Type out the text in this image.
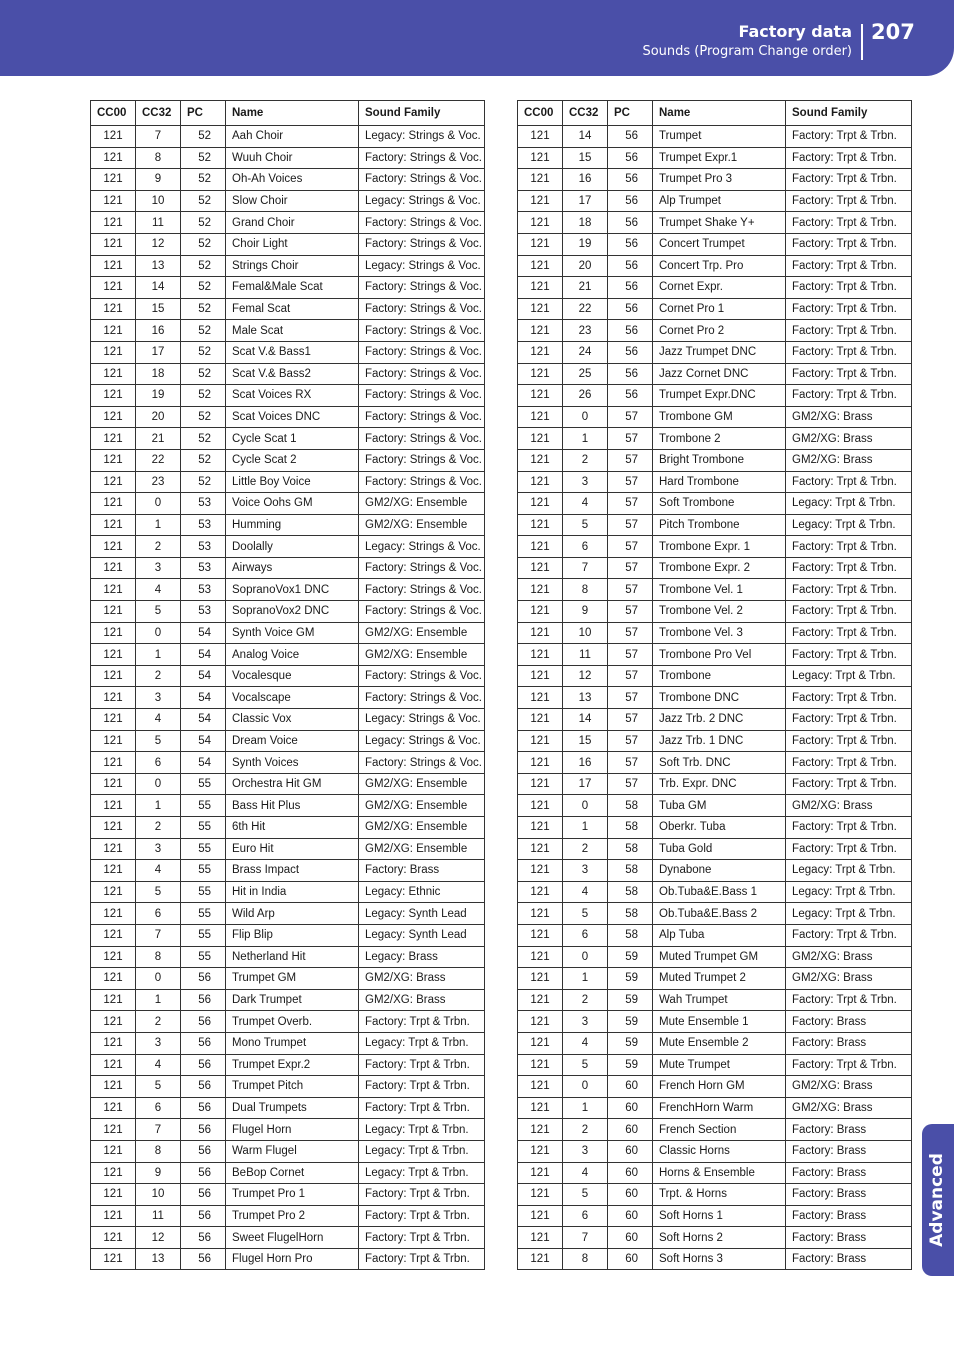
Factory data
Sounds (Program Change order)
207
CC00	CC32	PC	Name	Sound Family
121	7	52	Aah Choir	Legacy: Strings & Voc.
121	8	52	Wuuh Choir	Factory: Strings & Voc.
121	9	52	Oh-Ah Voices	Factory: Strings & Voc.
121	10	52	Slow Choir	Legacy: Strings & Voc.
121	11	52	Grand Choir	Factory: Strings & Voc.
121	12	52	Choir Light	Factory: Strings & Voc.
121	13	52	Strings Choir	Legacy: Strings & Voc.
121	14	52	Femal&Male Scat	Factory: Strings & Voc.
121	15	52	Femal Scat	Factory: Strings & Voc.
121	16	52	Male Scat	Factory: Strings & Voc.
121	17	52	Scat V.& Bass1	Factory: Strings & Voc.
121	18	52	Scat V.& Bass2	Factory: Strings & Voc.
121	19	52	Scat Voices RX	Factory: Strings & Voc.
121	20	52	Scat Voices DNC	Factory: Strings & Voc.
121	21	52	Cycle Scat 1	Factory: Strings & Voc.
121	22	52	Cycle Scat 2	Factory: Strings & Voc.
121	23	52	Little Boy Voice	Factory: Strings & Voc.
121	0	53	Voice Oohs GM	GM2/XG: Ensemble
121	1	53	Humming	GM2/XG: Ensemble
121	2	53	Doolally	Legacy: Strings & Voc.
121	3	53	Airways	Factory: Strings & Voc.
121	4	53	SopranoVox1 DNC	Factory: Strings & Voc.
121	5	53	SopranoVox2 DNC	Factory: Strings & Voc.
121	0	54	Synth Voice GM	GM2/XG: Ensemble
121	1	54	Analog Voice	GM2/XG: Ensemble
121	2	54	Vocalesque	Factory: Strings & Voc.
121	3	54	Vocalscape	Factory: Strings & Voc.
121	4	54	Classic Vox	Legacy: Strings & Voc.
121	5	54	Dream Voice	Legacy: Strings & Voc.
121	6	54	Synth Voices	Factory: Strings & Voc.
121	0	55	Orchestra Hit GM	GM2/XG: Ensemble
121	1	55	Bass Hit Plus	GM2/XG: Ensemble
121	2	55	6th Hit	GM2/XG: Ensemble
121	3	55	Euro Hit	GM2/XG: Ensemble
121	4	55	Brass Impact	Factory: Brass
121	5	55	Hit in India	Legacy: Ethnic
121	6	55	Wild Arp	Legacy: Synth Lead
121	7	55	Flip Blip	Legacy: Synth Lead
121	8	55	Netherland Hit	Legacy: Brass
121	0	56	Trumpet GM	GM2/XG: Brass
121	1	56	Dark Trumpet	GM2/XG: Brass
121	2	56	Trumpet Overb.	Factory: Trpt & Trbn.
121	3	56	Mono Trumpet	Legacy: Trpt & Trbn.
121	4	56	Trumpet Expr.2	Factory: Trpt & Trbn.
121	5	56	Trumpet Pitch	Factory: Trpt & Trbn.
121	6	56	Dual Trumpets	Factory: Trpt & Trbn.
121	7	56	Flugel Horn	Legacy: Trpt & Trbn.
121	8	56	Warm Flugel	Legacy: Trpt & Trbn.
121	9	56	BeBop Cornet	Legacy: Trpt & Trbn.
121	10	56	Trumpet Pro 1	Factory: Trpt & Trbn.
121	11	56	Trumpet Pro 2	Factory: Trpt & Trbn.
121	12	56	Sweet FlugelHorn	Factory: Trpt & Trbn.
121	13	56	Flugel Horn Pro	Factory: Trpt & Trbn.
CC00	CC32	PC	Name	Sound Family
121	14	56	Trumpet	Factory: Trpt & Trbn.
121	15	56	Trumpet Expr.1	Factory: Trpt & Trbn.
121	16	56	Trumpet Pro 3	Factory: Trpt & Trbn.
121	17	56	Alp Trumpet	Factory: Trpt & Trbn.
121	18	56	Trumpet Shake Y+	Factory: Trpt & Trbn.
121	19	56	Concert Trumpet	Factory: Trpt & Trbn.
121	20	56	Concert Trp. Pro	Factory: Trpt & Trbn.
121	21	56	Cornet Expr.	Factory: Trpt & Trbn.
121	22	56	Cornet Pro 1	Factory: Trpt & Trbn.
121	23	56	Cornet Pro 2	Factory: Trpt & Trbn.
121	24	56	Jazz Trumpet DNC	Factory: Trpt & Trbn.
121	25	56	Jazz Cornet DNC	Factory: Trpt & Trbn.
121	26	56	Trumpet Expr.DNC	Factory: Trpt & Trbn.
121	0	57	Trombone GM	GM2/XG: Brass
121	1	57	Trombone 2	GM2/XG: Brass
121	2	57	Bright Trombone	GM2/XG: Brass
121	3	57	Hard Trombone	Factory: Trpt & Trbn.
121	4	57	Soft Trombone	Legacy: Trpt & Trbn.
121	5	57	Pitch Trombone	Legacy: Trpt & Trbn.
121	6	57	Trombone Expr. 1	Factory: Trpt & Trbn.
121	7	57	Trombone Expr. 2	Factory: Trpt & Trbn.
121	8	57	Trombone Vel. 1	Factory: Trpt & Trbn.
121	9	57	Trombone Vel. 2	Factory: Trpt & Trbn.
121	10	57	Trombone Vel. 3	Factory: Trpt & Trbn.
121	11	57	Trombone Pro Vel	Factory: Trpt & Trbn.
121	12	57	Trombone	Legacy: Trpt & Trbn.
121	13	57	Trombone DNC	Factory: Trpt & Trbn.
121	14	57	Jazz Trb. 2 DNC	Factory: Trpt & Trbn.
121	15	57	Jazz Trb. 1 DNC	Factory: Trpt & Trbn.
121	16	57	Soft Trb. DNC	Factory: Trpt & Trbn.
121	17	57	Trb. Expr. DNC	Factory: Trpt & Trbn.
121	0	58	Tuba GM	GM2/XG: Brass
121	1	58	Oberkr. Tuba	Factory: Trpt & Trbn.
121	2	58	Tuba Gold	Factory: Trpt & Trbn.
121	3	58	Dynabone	Legacy: Trpt & Trbn.
121	4	58	Ob.Tuba&E.Bass 1	Legacy: Trpt & Trbn.
121	5	58	Ob.Tuba&E.Bass 2	Legacy: Trpt & Trbn.
121	6	58	Alp Tuba	Factory: Trpt & Trbn.
121	0	59	Muted Trumpet GM	GM2/XG: Brass
121	1	59	Muted Trumpet 2	GM2/XG: Brass
121	2	59	Wah Trumpet	Factory: Trpt & Trbn.
121	3	59	Mute Ensemble 1	Factory: Brass
121	4	59	Mute Ensemble 2	Factory: Brass
121	5	59	Mute Trumpet	Factory: Trpt & Trbn.
121	0	60	French Horn GM	GM2/XG: Brass
121	1	60	FrenchHorn Warm	GM2/XG: Brass
121	2	60	French Section	Factory: Brass
121	3	60	Classic Horns	Factory: Brass
121	4	60	Horns & Ensemble	Factory: Brass
121	5	60	Trpt. & Horns	Factory: Brass
121	6	60	Soft Horns 1	Factory: Brass
121	7	60	Soft Horns 2	Factory: Brass
121	8	60	Soft Horns 3	Factory: Brass
Advanced
